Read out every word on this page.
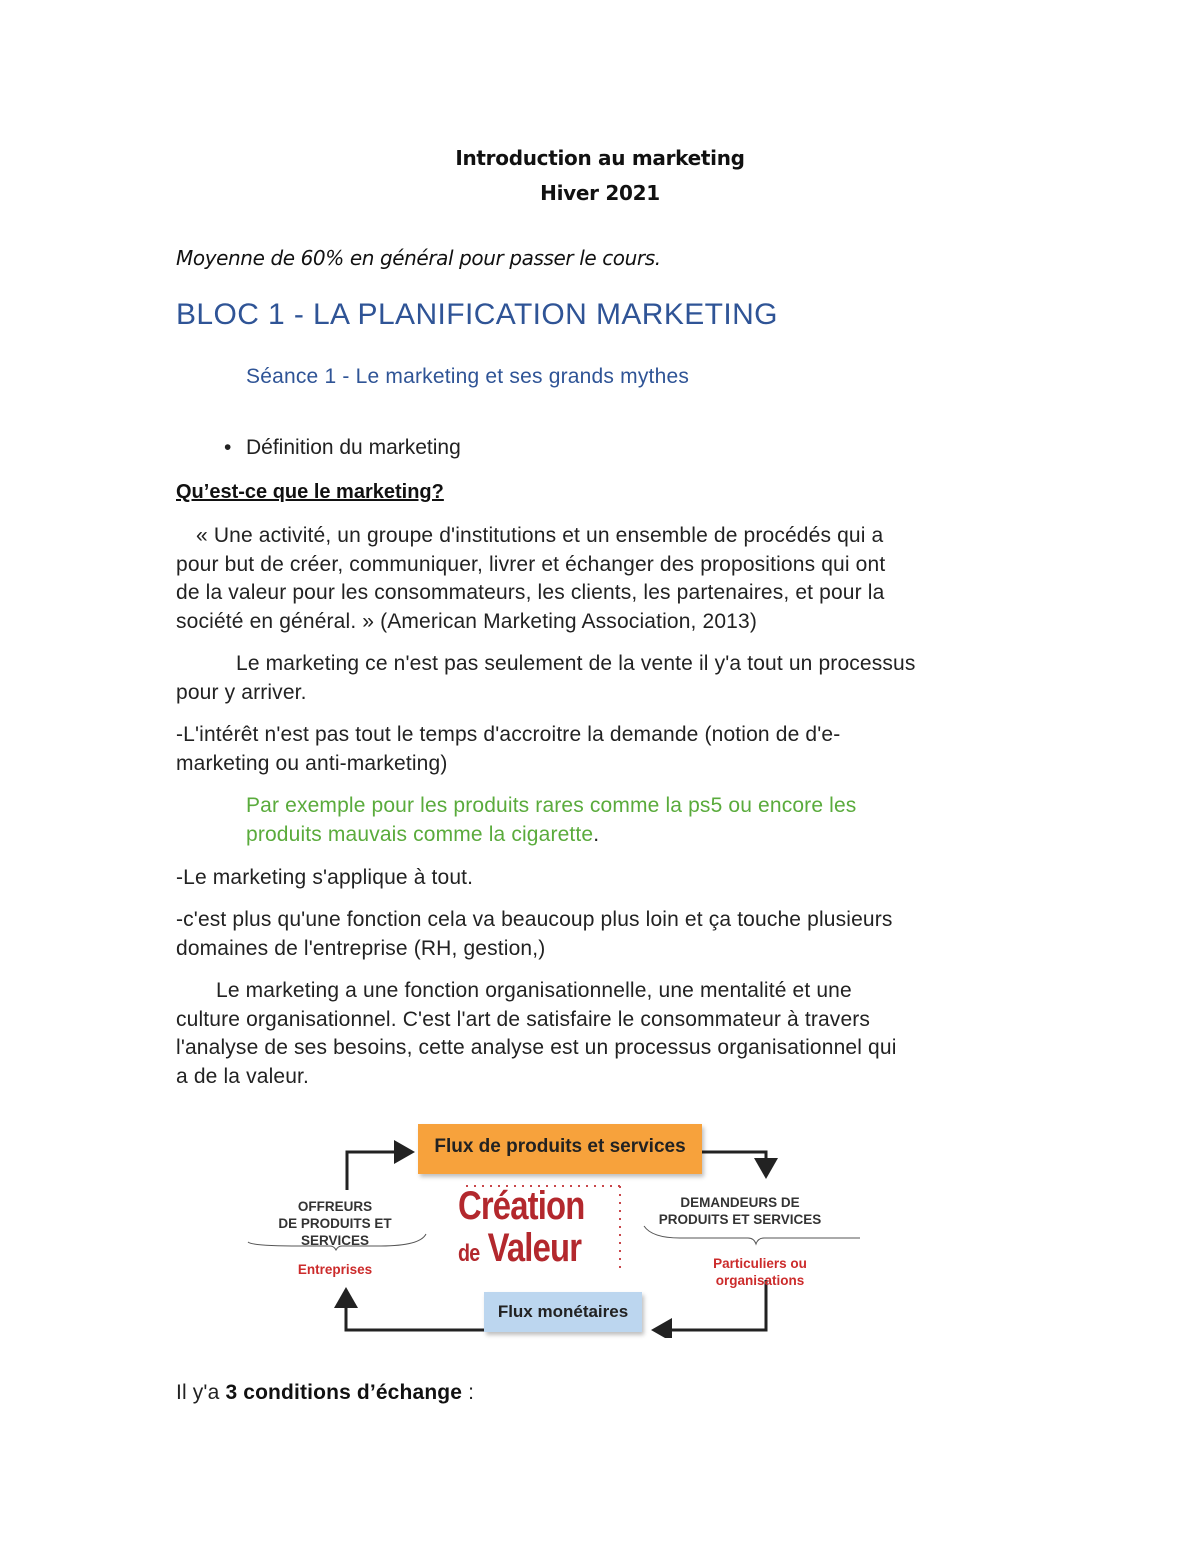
Introduction au marketing
Hiver 2021
Moyenne de 60% en général pour passer le cours.
BLOC 1 - LA PLANIFICATION MARKETING
Séance 1 - Le marketing et ses grands mythes
• Définition du marketing
Qu’est-ce que le marketing?
« Une activité, un groupe d'institutions et un ensemble de procédés qui a
pour but de créer, communiquer, livrer et échanger des propositions qui ont
de la valeur pour les consommateurs, les clients, les partenaires, et pour la
société en général. » (American Marketing Association, 2013)
Le marketing ce n'est pas seulement de la vente il y'a tout un processus
pour y arriver.
-L'intérêt n'est pas tout le temps d'accroitre la demande (notion de d'e-
marketing ou anti-marketing)
Par exemple pour les produits rares comme la ps5 ou encore les
produits mauvais comme la cigarette.
-Le marketing s'applique à tout.
-c'est plus qu'une fonction cela va beaucoup plus loin et ça touche plusieurs
domaines de l'entreprise (RH, gestion,)
Le marketing a une fonction organisationnelle, une mentalité et une
culture organisationnel. C'est l'art de satisfaire le consommateur à travers
l'analyse de ses besoins, cette analyse est un processus organisationnel qui
a de la valeur.
Flux de produits et services
Flux monétaires
Création
de Valeur
OFFREURS
DE PRODUITS ET
SERVICES
Entreprises
DEMANDEURS DE
PRODUITS ET SERVICES
Particuliers ou
organisations
Il y'a 3 conditions d’échange :
